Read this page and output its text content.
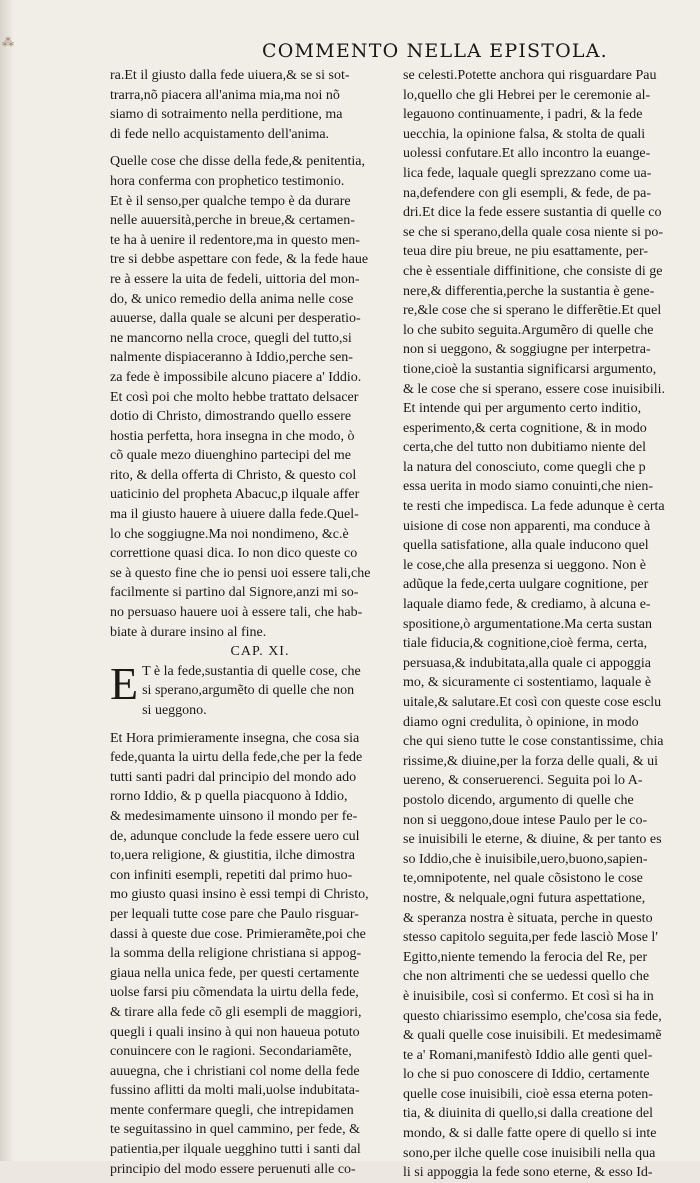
⁂	COMMENTO NELLA EPISTOLA.
ra.Et il giusto dalla fede uiuera,& se si sot-
trarra,nõ piacera all'anima mia,ma noi nõ
siamo di sotraimento nella perditione, ma
di fede nello acquistamento dell'anima.
Quelle cose che disse della fede,& penitentia,
hora conferma con prophetico testimonio.
Et è il senso,per qualche tempo è da durare
nelle auuersità,perche in breue,& certamen-
te ha à uenire il redentore,ma in questo men-
tre si debbe aspettare con fede, & la fede haue
re à essere la uita de fedeli, uittoria del mon-
do, & unico remedio della anima nelle cose
auuerse, dalla quale se alcuni per desperatio-
ne mancorno nella croce, quegli del tutto,si
nalmente dispiaceranno à Iddio,perche sen-
za fede è impossibile alcuno piacere a' Iddio.
Et così poi che molto hebbe trattato delsacer
dotio di Christo, dimostrando quello essere
hostia perfetta, hora insegna in che modo, ò
cõ quale mezo diuenghino partecipi del me
rito, & della offerta di Christo, & questo col
uaticinio del propheta Abacuc,p ilquale affer
ma il giusto hauere à uiuere dalla fede.Quel-
lo che soggiugne.Ma noi nondimeno, &c.è
correttione quasi dica. Io non dico queste co
se à questo fine che io pensi uoi essere tali,che
facilmente si partino dal Signore,anzi mi so-
no persuaso hauere uoi à essere tali, che hab-
biate à durare insino al fine.
CAP. XI.
E T è la fede,sustantia di quelle cose, che
si sperano,argumẽto di quelle che non
si ueggono.
Et Hora primieramente insegna, che cosa sia
fede,quanta la uirtu della fede,che per la fede
tutti santi padri dal principio del mondo ado
rorno Iddio, & p quella piacquono à Iddio,
& medesimamente uinsono il mondo per fe-
de, adunque conclude la fede essere uero cul
to,uera religione, & giustitia, ilche dimostra
con infiniti esempli, repetiti dal primo huo-
mo giusto quasi insino è essi tempi di Christo,
per lequali tutte cose pare che Paulo risguar-
dassi à queste due cose. Primieramẽte,poi che
la somma della religione christiana si appog-
giaua nella unica fede, per questi certamente
uolse farsi piu cõmendata la uirtu della fede,
& tirare alla fede cõ gli esempli de maggiori,
quegli i quali insino à qui non haueua potuto
conuincere con le ragioni. Secondariamẽte,
auuegna, che i christiani col nome della fede
fussino aflitti da molti mali,uolse indubitata-
mente confermare quegli, che intrepidamen
te seguitassino in quel cammino, per fede, &
patientia,per ilquale uegghino tutti i santi dal
principio del modo essere peruenuti alle co-
se celesti.Potette anchora qui risguardare Pau
lo,quello che gli Hebrei per le ceremonie al-
legauono continuamente, i padri, & la fede
uecchia, la opinione falsa, & stolta de quali
uolessi confutare.Et allo incontro la euange-
lica fede, laquale quegli sprezzano come ua-
na,defendere con gli esempli, & fede, de pa-
dri.Et dice la fede essere sustantia di quelle co
se che si sperano,della quale cosa niente si po-
teua dire piu breue, ne piu esattamente, per-
che è essentiale diffinitione, che consiste di ge
nere,& differentia,perche la sustantia è gene-
re,&le cose che si sperano le differẽtie.Et quel
lo che subito seguita.Argumẽro di quelle che
non si ueggono, & soggiugne per interpetra-
tione,cioè la sustantia significarsi argumento,
& le cose che si sperano, essere cose inuisibili.
Et intende qui per argumento certo inditio,
esperimento,& certa cognitione, & in modo
certa,che del tutto non dubitiamo niente del
la natura del conosciuto, come quegli che p
essa uerita in modo siamo conuinti,che nien-
te resti che impedisca. La fede adunque è certa
uisione di cose non apparenti, ma conduce à
quella satisfatione, alla quale inducono quel
le cose,che alla presenza si ueggono. Non è
adũque la fede,certa uulgare cognitione, per
laquale diamo fede, & crediamo, à alcuna e-
spositione,ò argumentatione.Ma certa sustan
tiale fiducia,& cognitione,cioè ferma, certa,
persuasa,& indubitata,alla quale ci appoggia
mo, & sicuramente ci sostentiamo, laquale è
uitale,& salutare.Et così con queste cose esclu
diamo ogni credulita, ò opinione, in modo
che qui sieno tutte le cose constantissime, chia
rissime,& diuine,per la forza delle quali, & ui
uereno, & conseruerenci. Seguita poi lo A-
postolo dicendo, argumento di quelle che
non si ueggono,doue intese Paulo per le co-
se inuisibili le eterne, & diuine, & per tanto es
so Iddio,che è inuisibile,uero,buono,sapien-
te,omnipotente, nel quale cõsistono le cose
nostre, & nelquale,ogni futura aspettatione,
& speranza nostra è situata, perche in questo
stesso capitolo seguita,per fede lasciò Mose l'
Egitto,niente temendo la ferocia del Re, per
che non altrimenti che se uedessi quello che
è inuisibile, così si confermo. Et così si ha in
questo chiarissimo esemplo, che'cosa sia fede,
& quali quelle cose inuisibili. Et medesimamẽ
te a' Romani,manifestò Iddio alle genti quel-
lo che si puo conoscere di Iddio, certamente
quelle cose inuisibili, cioè essa eterna poten-
tia, & diuinita di quello,si dalla creatione del
mondo, & si dalle fatte opere di quello si inte
sono,per ilche quelle cose inuisibili nella qua
li si appoggia la fede sono eterne, & esso Id-
